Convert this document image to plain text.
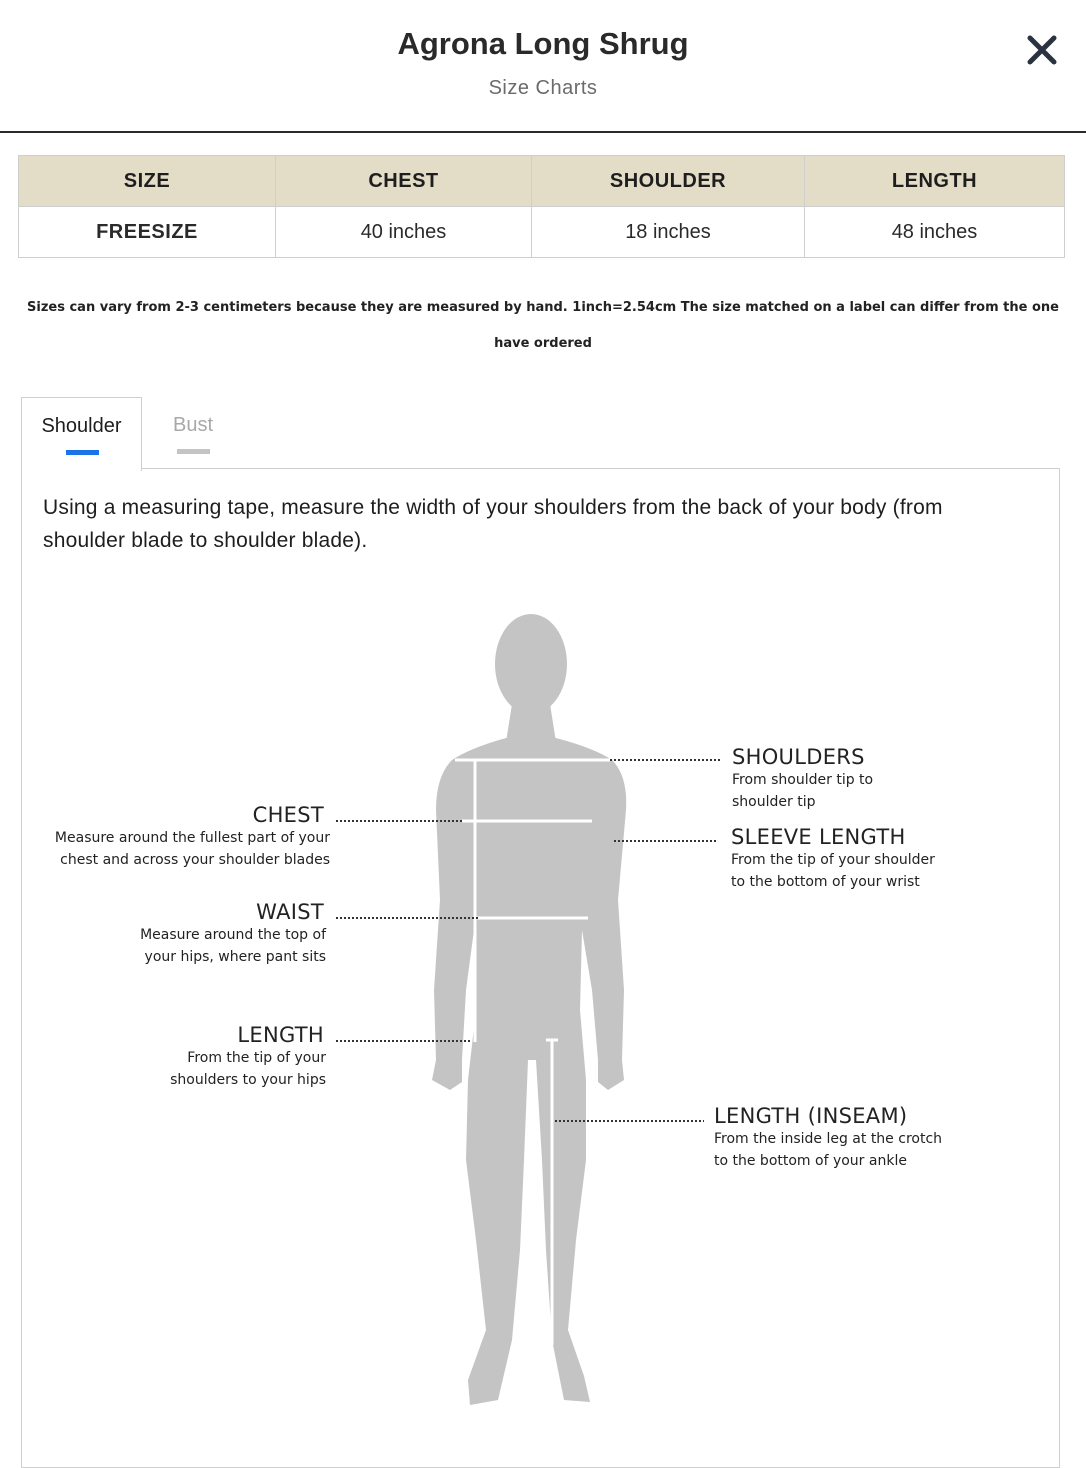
Agrona Long Shrug
Size Charts
SIZE	CHEST	SHOULDER	LENGTH
FREESIZE	40 inches	18 inches	48 inches
Sizes can vary from 2-3 centimeters because they are measured by hand. 1inch=2.54cm The size matched on a label can differ from the one have ordered
Shoulder	Bust
Using a measuring tape, measure the width of your shoulders from the back of your body (from shoulder blade to shoulder blade).
CHEST
Measure around the fullest part of your
chest and across your shoulder blades
WAIST
Measure around the top of
your hips, where pant sits
LENGTH
From the tip of your
shoulders to your hips
SHOULDERS
From shoulder tip to
shoulder tip
SLEEVE LENGTH
From the tip of your shoulder
to the bottom of your wrist
LENGTH (INSEAM)
From the inside leg at the crotch
to the bottom of your ankle
